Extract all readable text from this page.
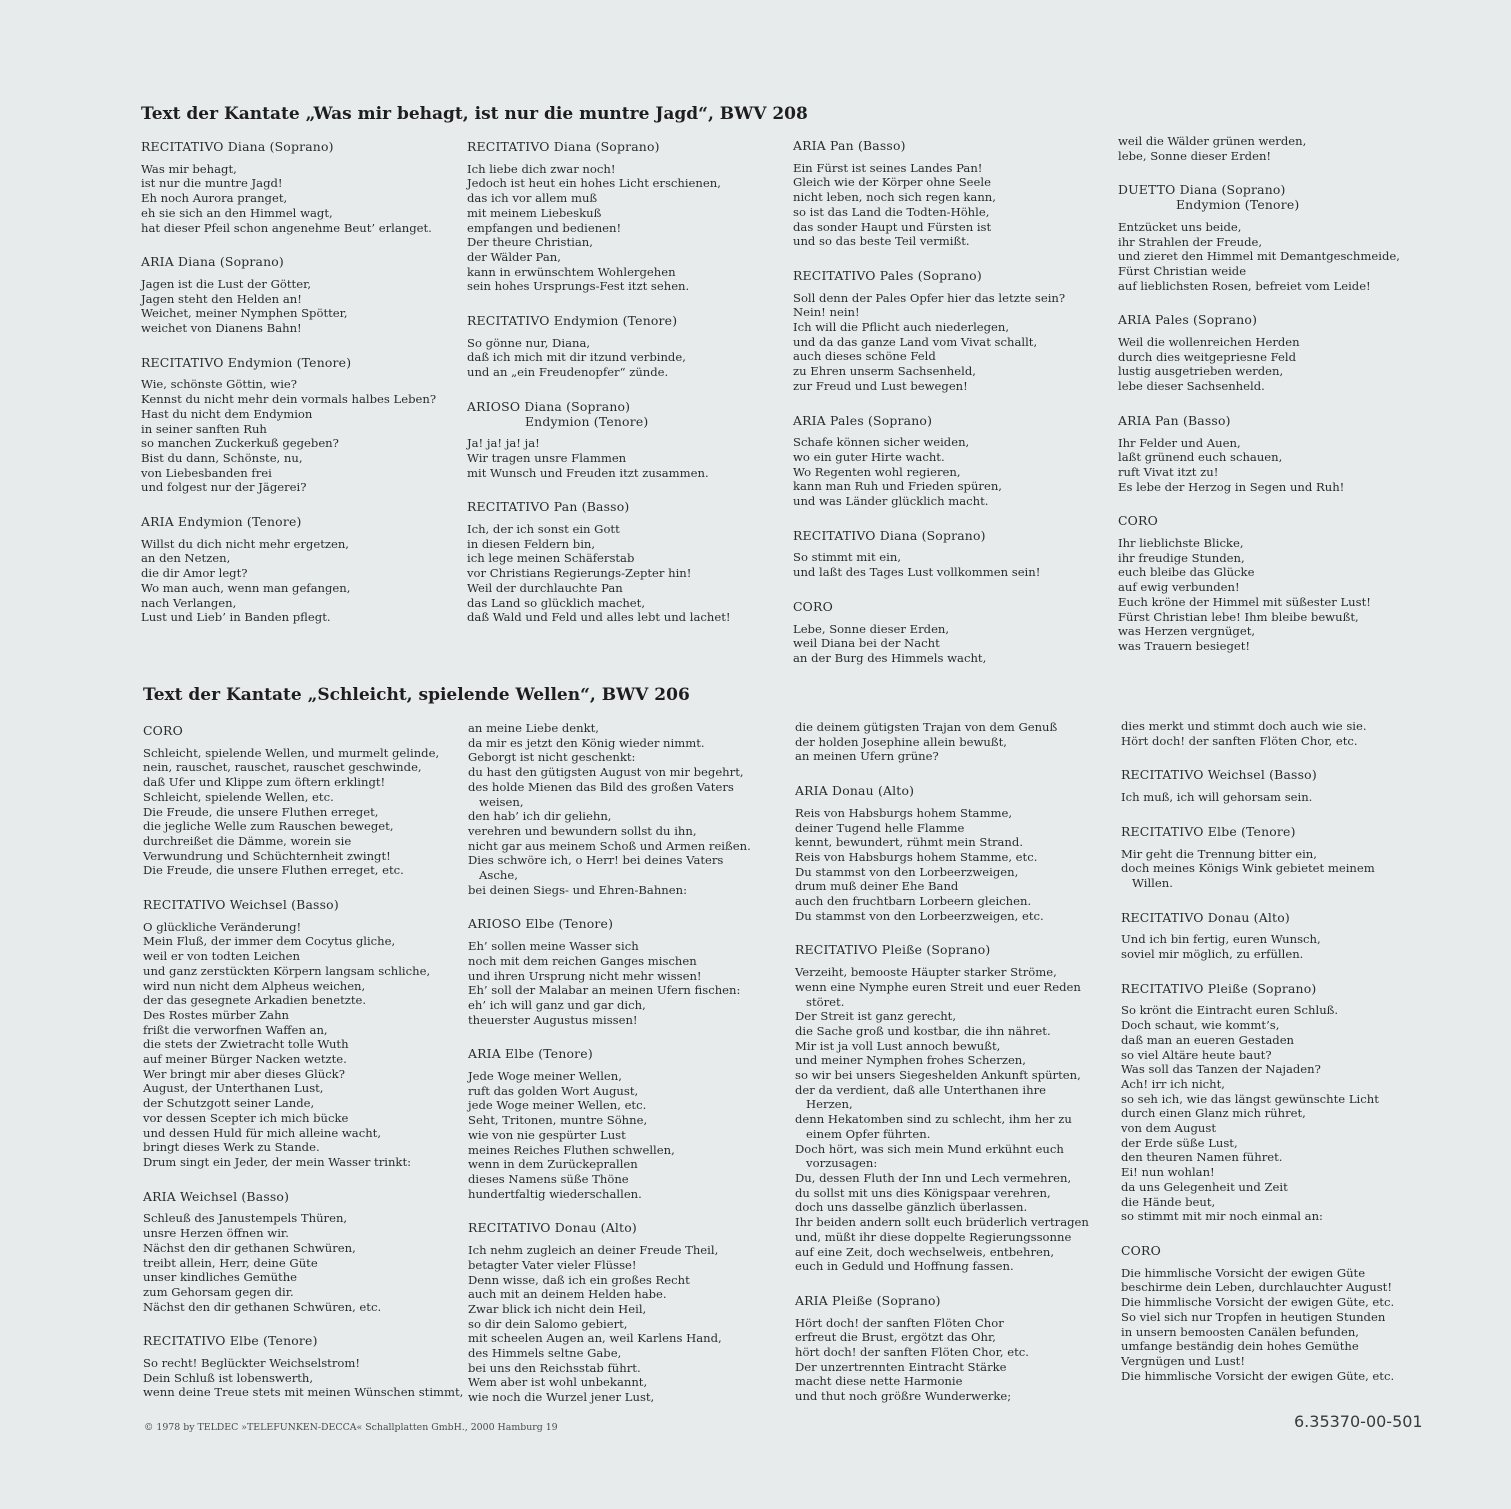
Text der Kantate „Was mir behagt, ist nur die muntre Jagd“, BWV 208
RECITATIVO Diana (Soprano)
Was mir behagt,
ist nur die muntre Jagd!
Eh noch Aurora pranget,
eh sie sich an den Himmel wagt,
hat dieser Pfeil schon angenehme Beut’ erlanget.
ARIA Diana (Soprano)
Jagen ist die Lust der Götter,
Jagen steht den Helden an!
Weichet, meiner Nymphen Spötter,
weichet von Dianens Bahn!
RECITATIVO Endymion (Tenore)
Wie, schönste Göttin, wie?
Kennst du nicht mehr dein vormals halbes Leben?
Hast du nicht dem Endymion
in seiner sanften Ruh
so manchen Zuckerkuß gegeben?
Bist du dann, Schönste, nu,
von Liebesbanden frei
und folgest nur der Jägerei?
ARIA Endymion (Tenore)
Willst du dich nicht mehr ergetzen,
an den Netzen,
die dir Amor legt?
Wo man auch, wenn man gefangen,
nach Verlangen,
Lust und Lieb’ in Banden pflegt.
RECITATIVO Diana (Soprano)
Ich liebe dich zwar noch!
Jedoch ist heut ein hohes Licht erschienen,
das ich vor allem muß
mit meinem Liebeskuß
empfangen und bedienen!
Der theure Christian,
der Wälder Pan,
kann in erwünschtem Wohlergehen
sein hohes Ursprungs-Fest itzt sehen.
RECITATIVO Endymion (Tenore)
So gönne nur, Diana,
daß ich mich mit dir itzund verbinde,
und an „ein Freudenopfer“ zünde.
ARIOSO Diana (Soprano)
Endymion (Tenore)
Ja! ja! ja! ja!
Wir tragen unsre Flammen
mit Wunsch und Freuden itzt zusammen.
RECITATIVO Pan (Basso)
Ich, der ich sonst ein Gott
in diesen Feldern bin,
ich lege meinen Schäferstab
vor Christians Regierungs-Zepter hin!
Weil der durchlauchte Pan
das Land so glücklich machet,
daß Wald und Feld und alles lebt und lachet!
ARIA Pan (Basso)
Ein Fürst ist seines Landes Pan!
Gleich wie der Körper ohne Seele
nicht leben, noch sich regen kann,
so ist das Land die Todten-Höhle,
das sonder Haupt und Fürsten ist
und so das beste Teil vermißt.
RECITATIVO Pales (Soprano)
Soll denn der Pales Opfer hier das letzte sein?
Nein! nein!
Ich will die Pflicht auch niederlegen,
und da das ganze Land vom Vivat schallt,
auch dieses schöne Feld
zu Ehren unserm Sachsenheld,
zur Freud und Lust bewegen!
ARIA Pales (Soprano)
Schafe können sicher weiden,
wo ein guter Hirte wacht.
Wo Regenten wohl regieren,
kann man Ruh und Frieden spüren,
und was Länder glücklich macht.
RECITATIVO Diana (Soprano)
So stimmt mit ein,
und laßt des Tages Lust vollkommen sein!
CORO
Lebe, Sonne dieser Erden,
weil Diana bei der Nacht
an der Burg des Himmels wacht,
weil die Wälder grünen werden,
lebe, Sonne dieser Erden!
DUETTO Diana (Soprano)
Endymion (Tenore)
Entzücket uns beide,
ihr Strahlen der Freude,
und zieret den Himmel mit Demantgeschmeide,
Fürst Christian weide
auf lieblichsten Rosen, befreiet vom Leide!
ARIA Pales (Soprano)
Weil die wollenreichen Herden
durch dies weitgepriesne Feld
lustig ausgetrieben werden,
lebe dieser Sachsenheld.
ARIA Pan (Basso)
Ihr Felder und Auen,
laßt grünend euch schauen,
ruft Vivat itzt zu!
Es lebe der Herzog in Segen und Ruh!
CORO
Ihr lieblichste Blicke,
ihr freudige Stunden,
euch bleibe das Glücke
auf ewig verbunden!
Euch kröne der Himmel mit süßester Lust!
Fürst Christian lebe! Ihm bleibe bewußt,
was Herzen vergnüget,
was Trauern besieget!
Text der Kantate „Schleicht, spielende Wellen“, BWV 206
CORO
Schleicht, spielende Wellen, und murmelt gelinde,
nein, rauschet, rauschet, rauschet geschwinde,
daß Ufer und Klippe zum öftern erklingt!
Schleicht, spielende Wellen, etc.
Die Freude, die unsere Fluthen erreget,
die jegliche Welle zum Rauschen beweget,
durchreißet die Dämme, worein sie
Verwundrung und Schüchternheit zwingt!
Die Freude, die unsere Fluthen erreget, etc.
RECITATIVO Weichsel (Basso)
O glückliche Veränderung!
Mein Fluß, der immer dem Cocytus gliche,
weil er von todten Leichen
und ganz zerstückten Körpern langsam schliche,
wird nun nicht dem Alpheus weichen,
der das gesegnete Arkadien benetzte.
Des Rostes mürber Zahn
frißt die verworfnen Waffen an,
die stets der Zwietracht tolle Wuth
auf meiner Bürger Nacken wetzte.
Wer bringt mir aber dieses Glück?
August, der Unterthanen Lust,
der Schutzgott seiner Lande,
vor dessen Scepter ich mich bücke
und dessen Huld für mich alleine wacht,
bringt dieses Werk zu Stande.
Drum singt ein Jeder, der mein Wasser trinkt:
ARIA Weichsel (Basso)
Schleuß des Janustempels Thüren,
unsre Herzen öffnen wir.
Nächst den dir gethanen Schwüren,
treibt allein, Herr, deine Güte
unser kindliches Gemüthe
zum Gehorsam gegen dir.
Nächst den dir gethanen Schwüren, etc.
RECITATIVO Elbe (Tenore)
So recht! Beglückter Weichselstrom!
Dein Schluß ist lobenswerth,
wenn deine Treue stets mit meinen Wünschen stimmt,
an meine Liebe denkt,
da mir es jetzt den König wieder nimmt.
Geborgt ist nicht geschenkt:
du hast den gütigsten August von mir begehrt,
des holde Mienen das Bild des großen Vaters
weisen,
den hab’ ich dir geliehn,
verehren und bewundern sollst du ihn,
nicht gar aus meinem Schoß und Armen reißen.
Dies schwöre ich, o Herr! bei deines Vaters
Asche,
bei deinen Siegs- und Ehren-Bahnen:
ARIOSO Elbe (Tenore)
Eh’ sollen meine Wasser sich
noch mit dem reichen Ganges mischen
und ihren Ursprung nicht mehr wissen!
Eh’ soll der Malabar an meinen Ufern fischen:
eh’ ich will ganz und gar dich,
theuerster Augustus missen!
ARIA Elbe (Tenore)
Jede Woge meiner Wellen,
ruft das golden Wort August,
jede Woge meiner Wellen, etc.
Seht, Tritonen, muntre Söhne,
wie von nie gespürter Lust
meines Reiches Fluthen schwellen,
wenn in dem Zurückeprallen
dieses Namens süße Thöne
hundertfaltig wiederschallen.
RECITATIVO Donau (Alto)
Ich nehm zugleich an deiner Freude Theil,
betagter Vater vieler Flüsse!
Denn wisse, daß ich ein großes Recht
auch mit an deinem Helden habe.
Zwar blick ich nicht dein Heil,
so dir dein Salomo gebiert,
mit scheelen Augen an, weil Karlens Hand,
des Himmels seltne Gabe,
bei uns den Reichsstab führt.
Wem aber ist wohl unbekannt,
wie noch die Wurzel jener Lust,
die deinem gütigsten Trajan von dem Genuß
der holden Josephine allein bewußt,
an meinen Ufern grüne?
ARIA Donau (Alto)
Reis von Habsburgs hohem Stamme,
deiner Tugend helle Flamme
kennt, bewundert, rühmt mein Strand.
Reis von Habsburgs hohem Stamme, etc.
Du stammst von den Lorbeerzweigen,
drum muß deiner Ehe Band
auch den fruchtbarn Lorbeern gleichen.
Du stammst von den Lorbeerzweigen, etc.
RECITATIVO Pleiße (Soprano)
Verzeiht, bemooste Häupter starker Ströme,
wenn eine Nymphe euren Streit und euer Reden
störet.
Der Streit ist ganz gerecht,
die Sache groß und kostbar, die ihn nähret.
Mir ist ja voll Lust annoch bewußt,
und meiner Nymphen frohes Scherzen,
so wir bei unsers Siegeshelden Ankunft spürten,
der da verdient, daß alle Unterthanen ihre
Herzen,
denn Hekatomben sind zu schlecht, ihm her zu
einem Opfer führten.
Doch hört, was sich mein Mund erkühnt euch
vorzusagen:
Du, dessen Fluth der Inn und Lech vermehren,
du sollst mit uns dies Königspaar verehren,
doch uns dasselbe gänzlich überlassen.
Ihr beiden andern sollt euch brüderlich vertragen
und, müßt ihr diese doppelte Regierungssonne
auf eine Zeit, doch wechselweis, entbehren,
euch in Geduld und Hoffnung fassen.
ARIA Pleiße (Soprano)
Hört doch! der sanften Flöten Chor
erfreut die Brust, ergötzt das Ohr,
hört doch! der sanften Flöten Chor, etc.
Der unzertrennten Eintracht Stärke
macht diese nette Harmonie
und thut noch größre Wunderwerke;
dies merkt und stimmt doch auch wie sie.
Hört doch! der sanften Flöten Chor, etc.
RECITATIVO Weichsel (Basso)
Ich muß, ich will gehorsam sein.
RECITATIVO Elbe (Tenore)
Mir geht die Trennung bitter ein,
doch meines Königs Wink gebietet meinem
Willen.
RECITATIVO Donau (Alto)
Und ich bin fertig, euren Wunsch,
soviel mir möglich, zu erfüllen.
RECITATIVO Pleiße (Soprano)
So krönt die Eintracht euren Schluß.
Doch schaut, wie kommt’s,
daß man an eueren Gestaden
so viel Altäre heute baut?
Was soll das Tanzen der Najaden?
Ach! irr ich nicht,
so seh ich, wie das längst gewünschte Licht
durch einen Glanz mich rühret,
von dem August
der Erde süße Lust,
den theuren Namen führet.
Ei! nun wohlan!
da uns Gelegenheit und Zeit
die Hände beut,
so stimmt mit mir noch einmal an:
CORO
Die himmlische Vorsicht der ewigen Güte
beschirme dein Leben, durchlauchter August!
Die himmlische Vorsicht der ewigen Güte, etc.
So viel sich nur Tropfen in heutigen Stunden
in unsern bemoosten Canälen befunden,
umfange beständig dein hohes Gemüthe
Vergnügen und Lust!
Die himmlische Vorsicht der ewigen Güte, etc.
© 1978 by TELDEC »TELEFUNKEN-DECCA« Schallplatten GmbH., 2000 Hamburg 19	6.35370-00-501
